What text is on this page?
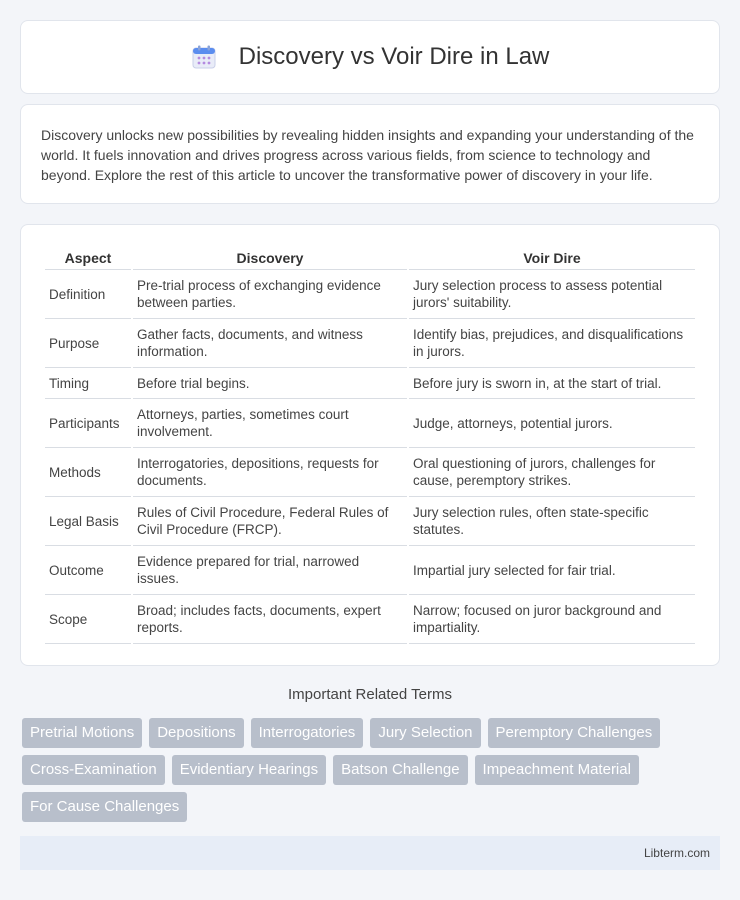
Discovery vs Voir Dire in Law

Discovery unlocks new possibilities by revealing hidden insights and expanding your understanding of the world. It fuels innovation and drives progress across various fields, from science to technology and beyond. Explore the rest of this article to uncover the transformative power of discovery in your life.

Aspect	Discovery	Voir Dire
Definition	Pre-trial process of exchanging evidence between parties.	Jury selection process to assess potential jurors' suitability.
Purpose	Gather facts, documents, and witness information.	Identify bias, prejudices, and disqualifications in jurors.
Timing	Before trial begins.	Before jury is sworn in, at the start of trial.
Participants	Attorneys, parties, sometimes court involvement.	Judge, attorneys, potential jurors.
Methods	Interrogatories, depositions, requests for documents.	Oral questioning of jurors, challenges for cause, peremptory strikes.
Legal Basis	Rules of Civil Procedure, Federal Rules of Civil Procedure (FRCP).	Jury selection rules, often state-specific statutes.
Outcome	Evidence prepared for trial, narrowed issues.	Impartial jury selected for fair trial.
Scope	Broad; includes facts, documents, expert reports.	Narrow; focused on juror background and impartiality.
Important Related Terms
Pretrial Motions	Depositions	Interrogatories	Jury Selection	Peremptory Challenges
Cross-Examination	Evidentiary Hearings	Batson Challenge	Impeachment Material
For Cause Challenges
Libterm.com
